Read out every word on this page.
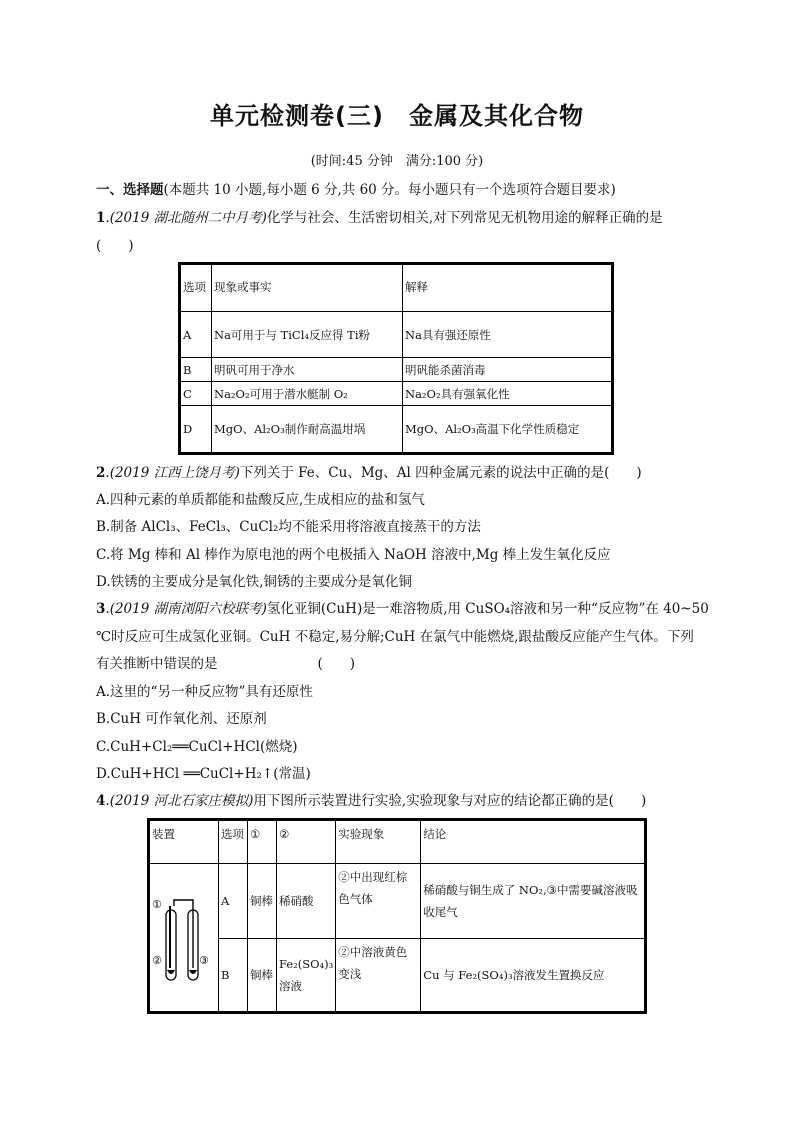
单元检测卷(三)　金属及其化合物
(时间:45 分钟　满分:100 分)
一、选择题(本题共 10 小题,每小题 6 分,共 60 分。每小题只有一个选项符合题目要求)
1.(2019 湖北随州二中月考)化学与社会、生活密切相关,对下列常见无机物用途的解释正确的是
(　　)
选项	现象或事实	解释
A	Na可用于与 TiCl₄反应得 Ti粉	Na具有强还原性
B	明矾可用于净水	明矾能杀菌消毒
C	Na₂O₂可用于潜水艇制 O₂	Na₂O₂具有强氧化性
D	MgO、Al₂O₃制作耐高温坩埚	MgO、Al₂O₃高温下化学性质稳定
2.(2019 江西上饶月考)下列关于 Fe、Cu、Mg、Al 四种金属元素的说法中正确的是(　　)
A.四种元素的单质都能和盐酸反应,生成相应的盐和氢气
B.制备 AlCl₃、FeCl₃、CuCl₂均不能采用将溶液直接蒸干的方法
C.将 Mg 棒和 Al 棒作为原电池的两个电极插入 NaOH 溶液中,Mg 棒上发生氧化反应
D.铁锈的主要成分是氧化铁,铜锈的主要成分是氧化铜
3.(2019 湖南浏阳六校联考)氢化亚铜(CuH)是一难溶物质,用 CuSO₄溶液和另一种“反应物”在 40~50
℃时反应可生成氢化亚铜。CuH 不稳定,易分解;CuH 在氯气中能燃烧,跟盐酸反应能产生气体。下列
有关推断中错误的是	(　　)
A.这里的“另一种反应物”具有还原性
B.CuH 可作氧化剂、还原剂
C.CuH+Cl₂══CuCl+HCl(燃烧)
D.CuH+HCl ══CuCl+H₂↑(常温)
4.(2019 河北石家庄模拟)用下图所示装置进行实验,实验现象与对应的结论都正确的是(　　)
装置	选项	①	②	实验现象	结论

①
② ③	A	铜棒	稀硝酸	②中出现红棕色气体	稀硝酸与铜生成了 NO₂,③中需要碱溶液吸收尾气
	B	铜棒	Fe₂(SO₄)₃溶液	②中溶液黄色变浅	Cu 与 Fe₂(SO₄)₃溶液发生置换反应
